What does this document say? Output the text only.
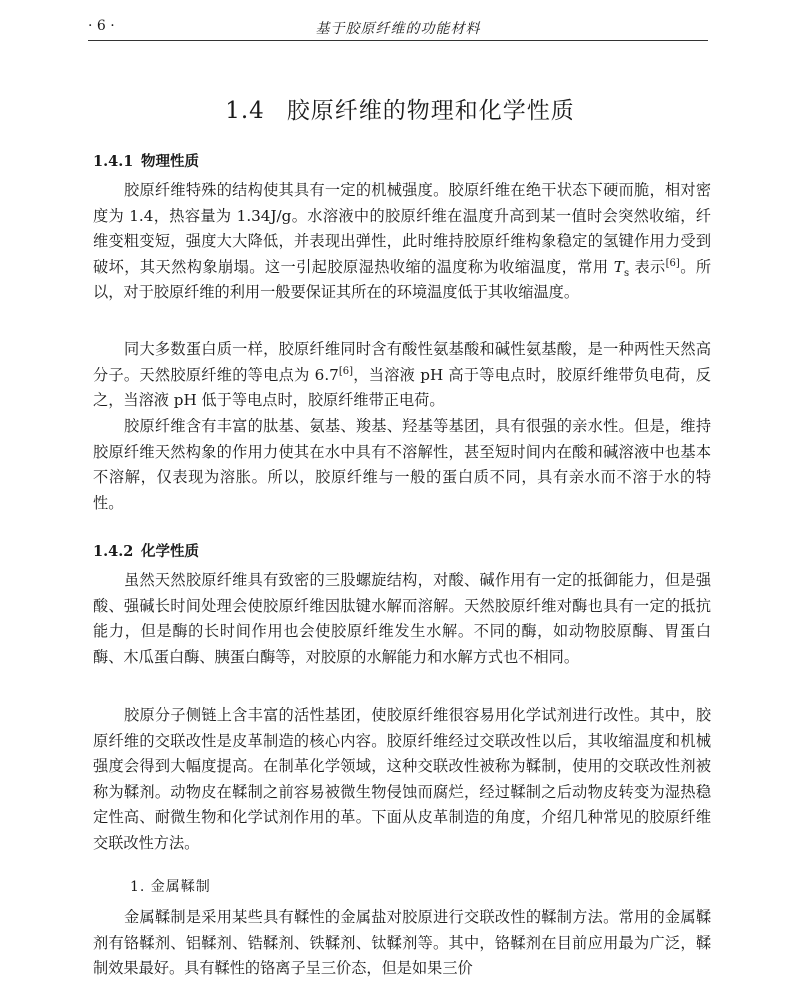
· 6 ·	基于胶原纤维的功能材料
1.4 胶原纤维的物理和化学性质
1.4.1 物理性质

胶原纤维特殊的结构使其具有一定的机械强度。胶原纤维在绝干状态下硬而脆，相对密度为 1.4，热容量为 1.34J/g。水溶液中的胶原纤维在温度升高到某一值时会突然收缩，纤维变粗变短，强度大大降低，并表现出弹性，此时维持胶原纤维构象稳定的氢键作用力受到破坏，其天然构象崩塌。这一引起胶原湿热收缩的温度称为收缩温度，常用 $T_s$ 表示[6]。所以，对于胶原纤维的利用一般要保证其所在的环境温度低于其收缩温度。

同大多数蛋白质一样，胶原纤维同时含有酸性氨基酸和碱性氨基酸，是一种两性天然高分子。天然胶原纤维的等电点为 6.7[6]，当溶液 pH 高于等电点时，胶原纤维带负电荷，反之，当溶液 pH 低于等电点时，胶原纤维带正电荷。

胶原纤维含有丰富的肽基、氨基、羧基、羟基等基团，具有很强的亲水性。但是，维持胶原纤维天然构象的作用力使其在水中具有不溶解性，甚至短时间内在酸和碱溶液中也基本不溶解，仅表现为溶胀。所以，胶原纤维与一般的蛋白质不同，具有亲水而不溶于水的特性。

1.4.2 化学性质

虽然天然胶原纤维具有致密的三股螺旋结构，对酸、碱作用有一定的抵御能力，但是强酸、强碱长时间处理会使胶原纤维因肽键水解而溶解。天然胶原纤维对酶也具有一定的抵抗能力，但是酶的长时间作用也会使胶原纤维发生水解。不同的酶，如动物胶原酶、胃蛋白酶、木瓜蛋白酶、胰蛋白酶等，对胶原的水解能力和水解方式也不相同。

胶原分子侧链上含丰富的活性基团，使胶原纤维很容易用化学试剂进行改性。其中，胶原纤维的交联改性是皮革制造的核心内容。胶原纤维经过交联改性以后，其收缩温度和机械强度会得到大幅度提高。在制革化学领域，这种交联改性被称为鞣制，使用的交联改性剂被称为鞣剂。动物皮在鞣制之前容易被微生物侵蚀而腐烂，经过鞣制之后动物皮转变为湿热稳定性高、耐微生物和化学试剂作用的革。下面从皮革制造的角度，介绍几种常见的胶原纤维交联改性方法。

1. 金属鞣制

金属鞣制是采用某些具有鞣性的金属盐对胶原进行交联改性的鞣制方法。常用的金属鞣剂有铬鞣剂、铝鞣剂、锆鞣剂、铁鞣剂、钛鞣剂等。其中，铬鞣剂在目前应用最为广泛，鞣制效果最好。具有鞣性的铬离子呈三价态，但是如果三价
